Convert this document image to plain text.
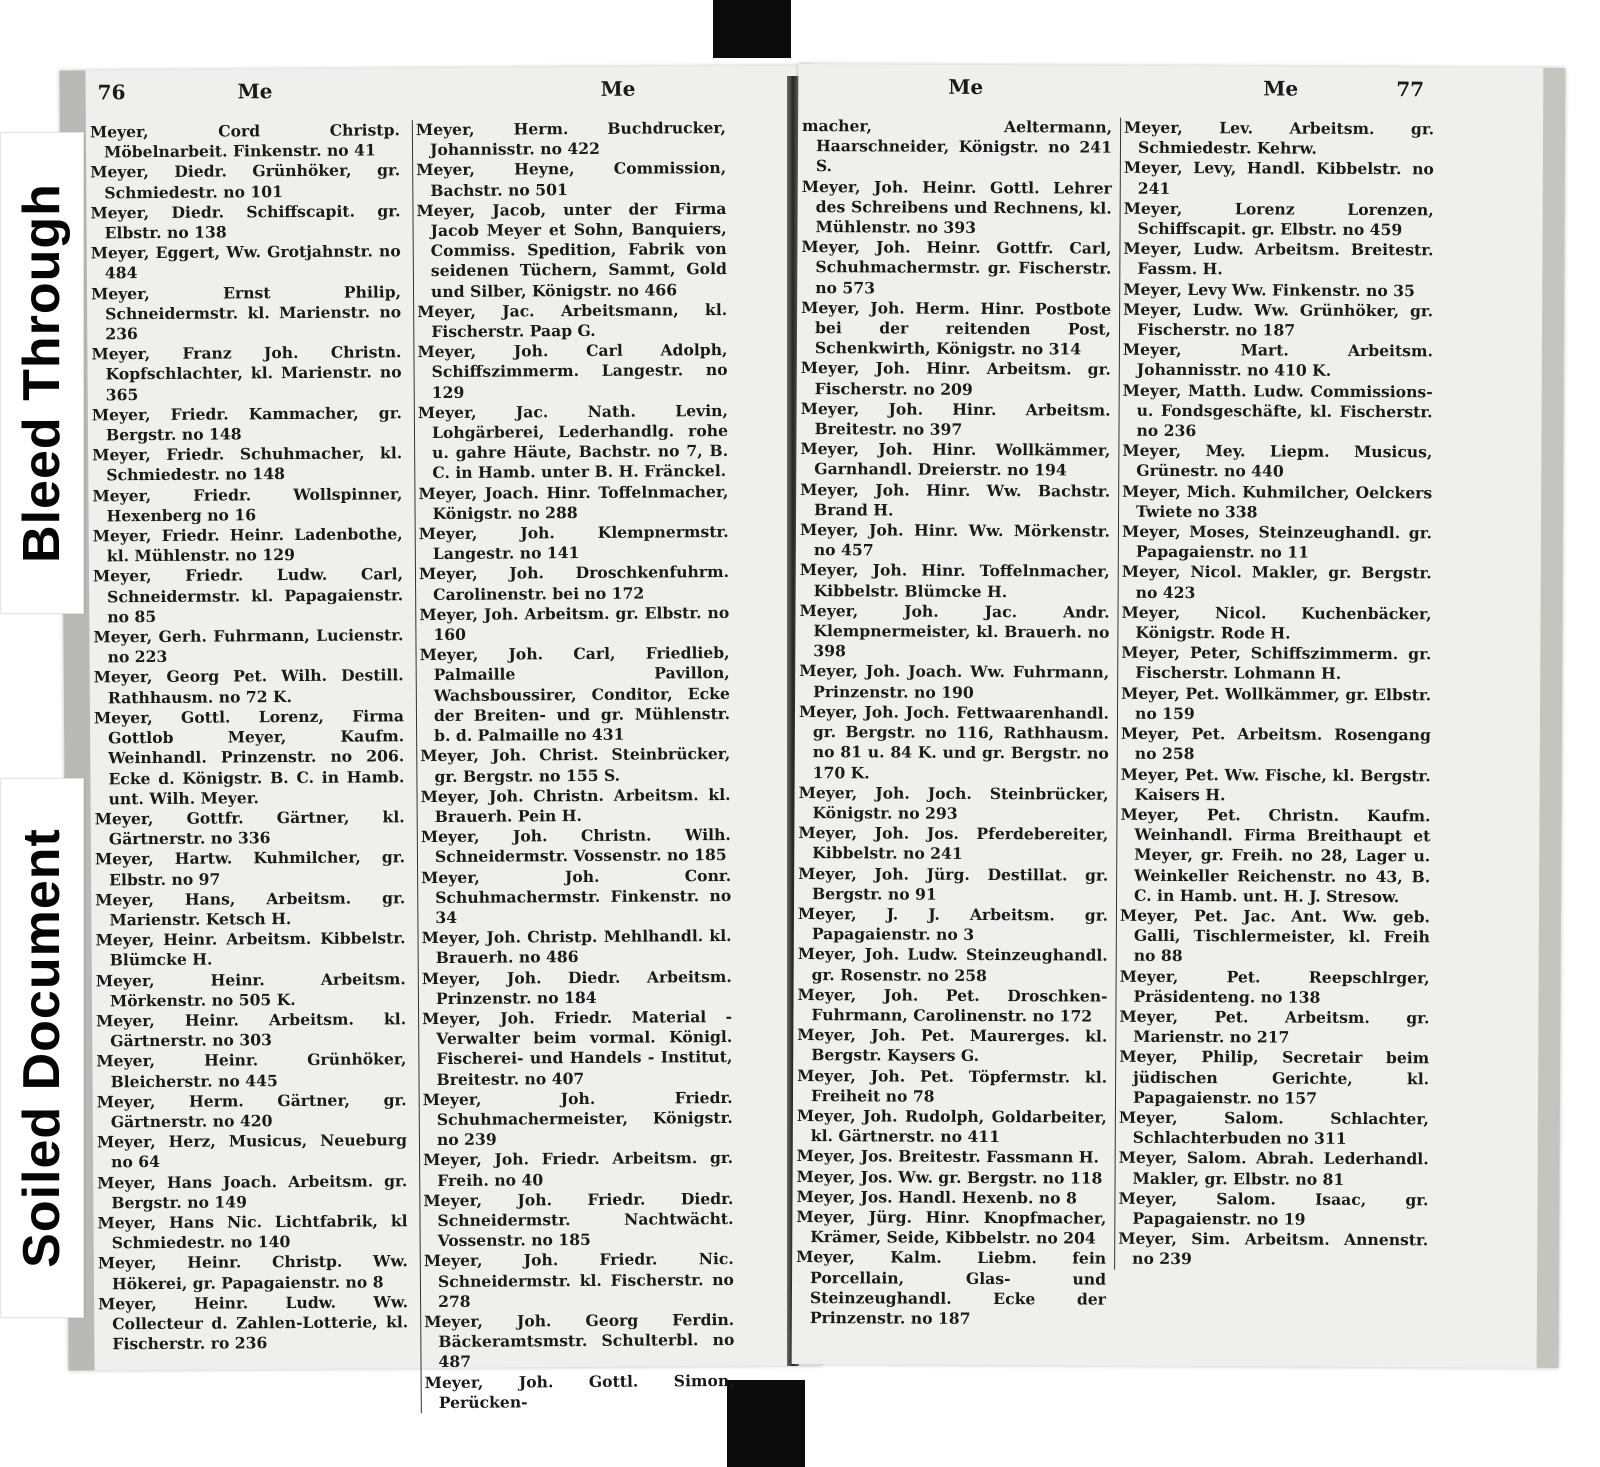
76	Me	Me

Meyer, Cord Christp. Möbelnarbeit. Finkenstr. no 41

Meyer, Diedr. Grünhöker, gr. Schmiedestr. no 101

Meyer, Diedr. Schiffscapit. gr. Elbstr. no 138

Meyer, Eggert, Ww. Grotjahnstr. no 484

Meyer, Ernst Philip, Schneidermstr. kl. Marienstr. no 236

Meyer, Franz Joh. Christn. Kopfschlachter, kl. Marienstr. no 365

Meyer, Friedr. Kammacher, gr. Bergstr. no 148

Meyer, Friedr. Schuhmacher, kl. Schmiedestr. no 148

Meyer, Friedr. Wollspinner, Hexenberg no 16

Meyer, Friedr. Heinr. Ladenbothe, kl. Mühlenstr. no 129

Meyer, Friedr. Ludw. Carl, Schneidermstr. kl. Papagaienstr. no 85

Meyer, Gerh. Fuhrmann, Lucienstr. no 223

Meyer, Georg Pet. Wilh. Destill. Rathhausm. no 72 K.

Meyer, Gottl. Lorenz, Firma Gottlob Meyer, Kaufm. Weinhandl. Prinzenstr. no 206. Ecke d. Königstr. B. C. in Hamb. unt. Wilh. Meyer.

Meyer, Gottfr. Gärtner, kl. Gärtnerstr. no 336

Meyer, Hartw. Kuhmilcher, gr. Elbstr. no 97

Meyer, Hans, Arbeitsm. gr. Marienstr. Ketsch H.

Meyer, Heinr. Arbeitsm. Kibbelstr. Blümcke H.

Meyer, Heinr. Arbeitsm. Mörkenstr. no 505 K.

Meyer, Heinr. Arbeitsm. kl. Gärtnerstr. no 303

Meyer, Heinr. Grünhöker, Bleicherstr. no 445

Meyer, Herm. Gärtner, gr. Gärtnerstr. no 420

Meyer, Herz, Musicus, Neueburg no 64

Meyer, Hans Joach. Arbeitsm. gr. Bergstr. no 149

Meyer, Hans Nic. Lichtfabrik, kl Schmiedestr. no 140

Meyer, Heinr. Christp. Ww. Hökerei, gr. Papagaienstr. no 8

Meyer, Heinr. Ludw. Ww. Collecteur d. Zahlen-Lotterie, kl. Fischerstr. ro 236

Meyer, Herm. Buchdrucker, Johannisstr. no 422

Meyer, Heyne, Commission, Bachstr. no 501

Meyer, Jacob, unter der Firma Jacob Meyer et Sohn, Banquiers, Commiss. Spedition, Fabrik von seidenen Tüchern, Sammt, Gold und Silber, Königstr. no 466

Meyer, Jac. Arbeitsmann, kl. Fischerstr. Paap G.

Meyer, Joh. Carl Adolph, Schiffszimmerm. Langestr. no 129

Meyer, Jac. Nath. Levin, Lohgärberei, Lederhandlg. rohe u. gahre Häute, Bachstr. no 7, B. C. in Hamb. unter B. H. Fränckel.

Meyer, Joach. Hinr. Toffelnmacher, Königstr. no 288

Meyer, Joh. Klempnermstr. Langestr. no 141

Meyer, Joh. Droschkenfuhrm. Carolinenstr. bei no 172

Meyer, Joh. Arbeitsm. gr. Elbstr. no 160

Meyer, Joh. Carl, Friedlieb, Palmaille Pavillon, Wachsboussirer, Conditor, Ecke der Breiten- und gr. Mühlenstr. b. d. Palmaille no 431

Meyer, Joh. Christ. Steinbrücker, gr. Bergstr. no 155 S.

Meyer, Joh. Christn. Arbeitsm. kl. Brauerh. Pein H.

Meyer, Joh. Christn. Wilh. Schneidermstr. Vossenstr. no 185

Meyer, Joh. Conr. Schuhmachermstr. Finkenstr. no 34

Meyer, Joh. Christp. Mehlhandl. kl. Brauerh. no 486

Meyer, Joh. Diedr. Arbeitsm. Prinzenstr. no 184

Meyer, Joh. Friedr. Material - Verwalter beim vormal. Königl. Fischerei- und Handels - Institut, Breitestr. no 407

Meyer, Joh. Friedr. Schuhmachermeister, Königstr. no 239

Meyer, Joh. Friedr. Arbeitsm. gr. Freih. no 40

Meyer, Joh. Friedr. Diedr. Schneidermstr. Nachtwächt. Vossenstr. no 185

Meyer, Joh. Friedr. Nic. Schneidermstr. kl. Fischerstr. no 278

Meyer, Joh. Georg Ferdin. Bäckeramtsmstr. Schulterbl. no 487

Meyer, Joh. Gottl. Simon, Perücken-

Me	Me	77

macher, Aeltermann, Haarschneider, Königstr. no 241 S.

Meyer, Joh. Heinr. Gottl. Lehrer des Schreibens und Rechnens, kl. Mühlenstr. no 393

Meyer, Joh. Heinr. Gottfr. Carl, Schuhmachermstr. gr. Fischerstr. no 573

Meyer, Joh. Herm. Hinr. Postbote bei der reitenden Post, Schenkwirth, Königstr. no 314

Meyer, Joh. Hinr. Arbeitsm. gr. Fischerstr. no 209

Meyer, Joh. Hinr. Arbeitsm. Breitestr. no 397

Meyer, Joh. Hinr. Wollkämmer, Garnhandl. Dreierstr. no 194

Meyer, Joh. Hinr. Ww. Bachstr. Brand H.

Meyer, Joh. Hinr. Ww. Mörkenstr. no 457

Meyer, Joh. Hinr. Toffelnmacher, Kibbelstr. Blümcke H.

Meyer, Joh. Jac. Andr. Klempnermeister, kl. Brauerh. no 398

Meyer, Joh. Joach. Ww. Fuhrmann, Prinzenstr. no 190

Meyer, Joh. Joch. Fettwaarenhandl. gr. Bergstr. no 116, Rathhausm. no 81 u. 84 K. und gr. Bergstr. no 170 K.

Meyer, Joh. Joch. Steinbrücker, Königstr. no 293

Meyer, Joh. Jos. Pferdebereiter, Kibbelstr. no 241

Meyer, Joh. Jürg. Destillat. gr. Bergstr. no 91

Meyer, J. J. Arbeitsm. gr. Papagaienstr. no 3

Meyer, Joh. Ludw. Steinzeughandl. gr. Rosenstr. no 258

Meyer, Joh. Pet. Droschken-Fuhrmann, Carolinenstr. no 172

Meyer, Joh. Pet. Maurerges. kl. Bergstr. Kaysers G.

Meyer, Joh. Pet. Töpfermstr. kl. Freiheit no 78

Meyer, Joh. Rudolph, Goldarbeiter, kl. Gärtnerstr. no 411

Meyer, Jos. Breitestr. Fassmann H.

Meyer, Jos. Ww. gr. Bergstr. no 118

Meyer, Jos. Handl. Hexenb. no 8

Meyer, Jürg. Hinr. Knopfmacher, Krämer, Seide, Kibbelstr. no 204

Meyer, Kalm. Liebm. fein Porcellain, Glas- und Steinzeughandl. Ecke der Prinzenstr. no 187

Meyer, Lev. Arbeitsm. gr. Schmiedestr. Kehrw.

Meyer, Levy, Handl. Kibbelstr. no 241

Meyer, Lorenz Lorenzen, Schiffscapit. gr. Elbstr. no 459

Meyer, Ludw. Arbeitsm. Breitestr. Fassm. H.

Meyer, Levy Ww. Finkenstr. no 35

Meyer, Ludw. Ww. Grünhöker, gr. Fischerstr. no 187

Meyer, Mart. Arbeitsm. Johannisstr. no 410 K.

Meyer, Matth. Ludw. Commissions- u. Fondsgeschäfte, kl. Fischerstr. no 236

Meyer, Mey. Liepm. Musicus, Grünestr. no 440

Meyer, Mich. Kuhmilcher, Oelckers Twiete no 338

Meyer, Moses, Steinzeughandl. gr. Papagaienstr. no 11

Meyer, Nicol. Makler, gr. Bergstr. no 423

Meyer, Nicol. Kuchenbäcker, Königstr. Rode H.

Meyer, Peter, Schiffszimmerm. gr. Fischerstr. Lohmann H.

Meyer, Pet. Wollkämmer, gr. Elbstr. no 159

Meyer, Pet. Arbeitsm. Rosengang no 258

Meyer, Pet. Ww. Fische, kl. Bergstr. Kaisers H.

Meyer, Pet. Christn. Kaufm. Weinhandl. Firma Breithaupt et Meyer, gr. Freih. no 28, Lager u. Weinkeller Reichenstr. no 43, B. C. in Hamb. unt. H. J. Stresow.

Meyer, Pet. Jac. Ant. Ww. geb. Galli, Tischlermeister, kl. Freih no 88

Meyer, Pet. Reepschlrger, Präsidenteng. no 138

Meyer, Pet. Arbeitsm. gr. Marienstr. no 217

Meyer, Philip, Secretair beim jüdischen Gerichte, kl. Papagaienstr. no 157

Meyer, Salom. Schlachter, Schlachterbuden no 311

Meyer, Salom. Abrah. Lederhandl. Makler, gr. Elbstr. no 81

Meyer, Salom. Isaac, gr. Papagaienstr. no 19

Meyer, Sim. Arbeitsm. Annenstr. no 239

Bleed Through
Soiled Document
